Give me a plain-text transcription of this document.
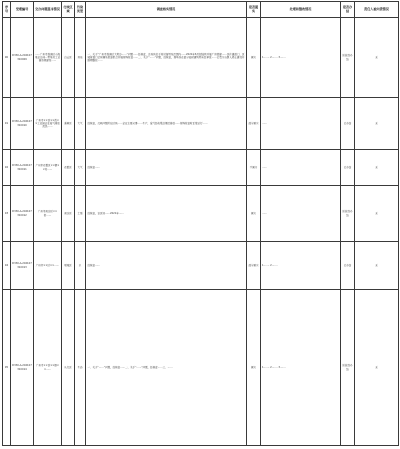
序号	受理编号	交办问题基本情况	行政区域	污染类型	调查核实情况	是否属实	处理和整改情况	是否办结	责任人被问责情况
90	D330-A-202107310009	……广州市荔湾区小海梁金沙洲一带某村工业园违规建设……	白云区	其他	一、关于“广州市荔湾区大坦沙……”问题……经核查，该地块位于某村留用地范围内……2021年6月起陆续开展厂房搭建……区住建部门、区城管部门会同属地街道联合开展现场检查……二、关于“……”问题，经核查，现场存在部分临时建筑物未经审批……已责令当事人停止建设并限期整改……	属实	1.…… 2.…… 3.……	阶段性办结	无
91	D330-A-202107310010	广州市××区××街××工业园企业废气排放扰民……	番禺区	大气	经核查，反映问题所在区域……企业主要从事……生产，废气经收集处理后排放……现场检查时正常运行……	部分属实	……	已办结	无
92	D330-A-202107310011	广州市花都区××镇××村……	花都区	大气	经核查……	不属实	……	已办结	无
93	D330-A-202107310012	广州市南沙区××街……	南沙区	土壤	经核查，该区域……2021年……	属实	……	阶段性办结	无
94	D330-A-202107310013	广州市××区××……	增城区	水	经核查……	部分属实	1.…… 2.……	已办结	无
95	D330-A-202107310014	广州市××区××镇××……	从化区	生态	一、关于“……”问题，经核查……二、关于“……”问题，经核查……三、……	属实	1.…… 2.…… 3.……	阶段性办结	无
